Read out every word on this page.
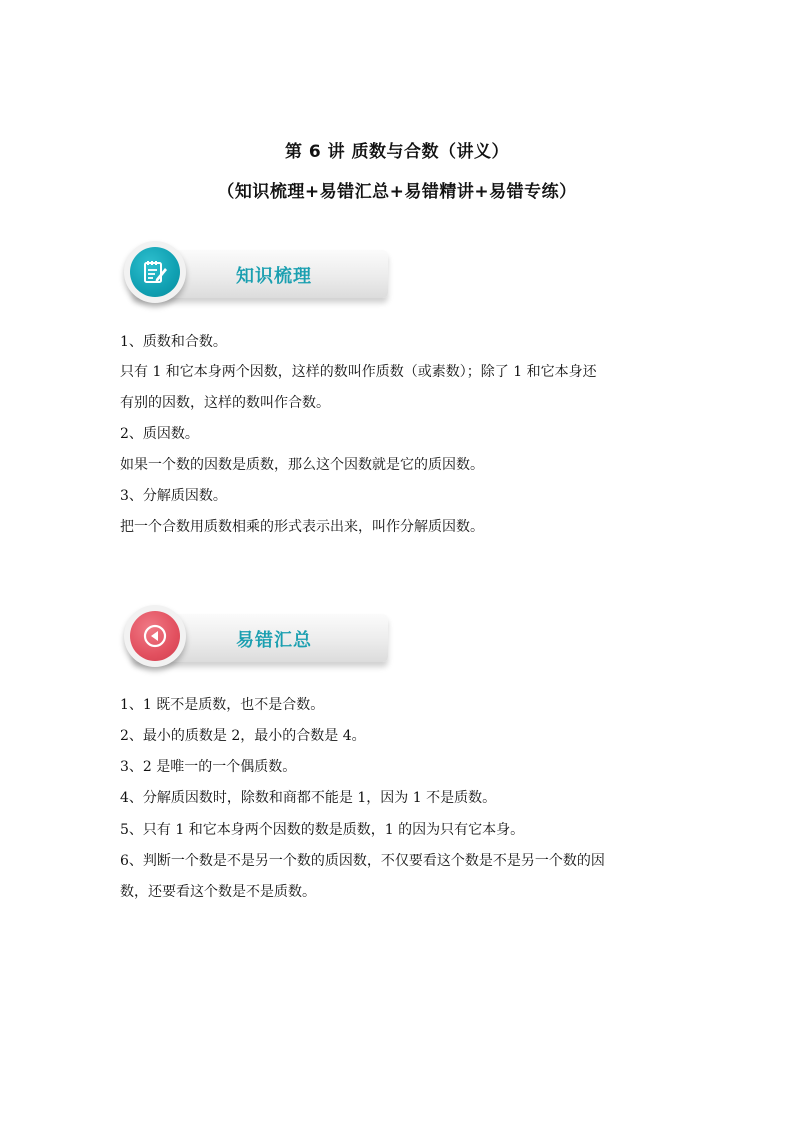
第 6 讲 质数与合数（讲义）
（知识梳理+易错汇总+易错精讲+易错专练）
知识梳理
1、质数和合数。
只有 1 和它本身两个因数，这样的数叫作质数（或素数）；除了 1 和它本身还
有别的因数，这样的数叫作合数。
2、质因数。
如果一个数的因数是质数，那么这个因数就是它的质因数。
3、分解质因数。
把一个合数用质数相乘的形式表示出来，叫作分解质因数。
易错汇总
1、1 既不是质数，也不是合数。
2、最小的质数是 2，最小的合数是 4。
3、2 是唯一的一个偶质数。
4、分解质因数时，除数和商都不能是 1，因为 1 不是质数。
5、只有 1 和它本身两个因数的数是质数，1 的因为只有它本身。
6、判断一个数是不是另一个数的质因数，不仅要看这个数是不是另一个数的因
数，还要看这个数是不是质数。
